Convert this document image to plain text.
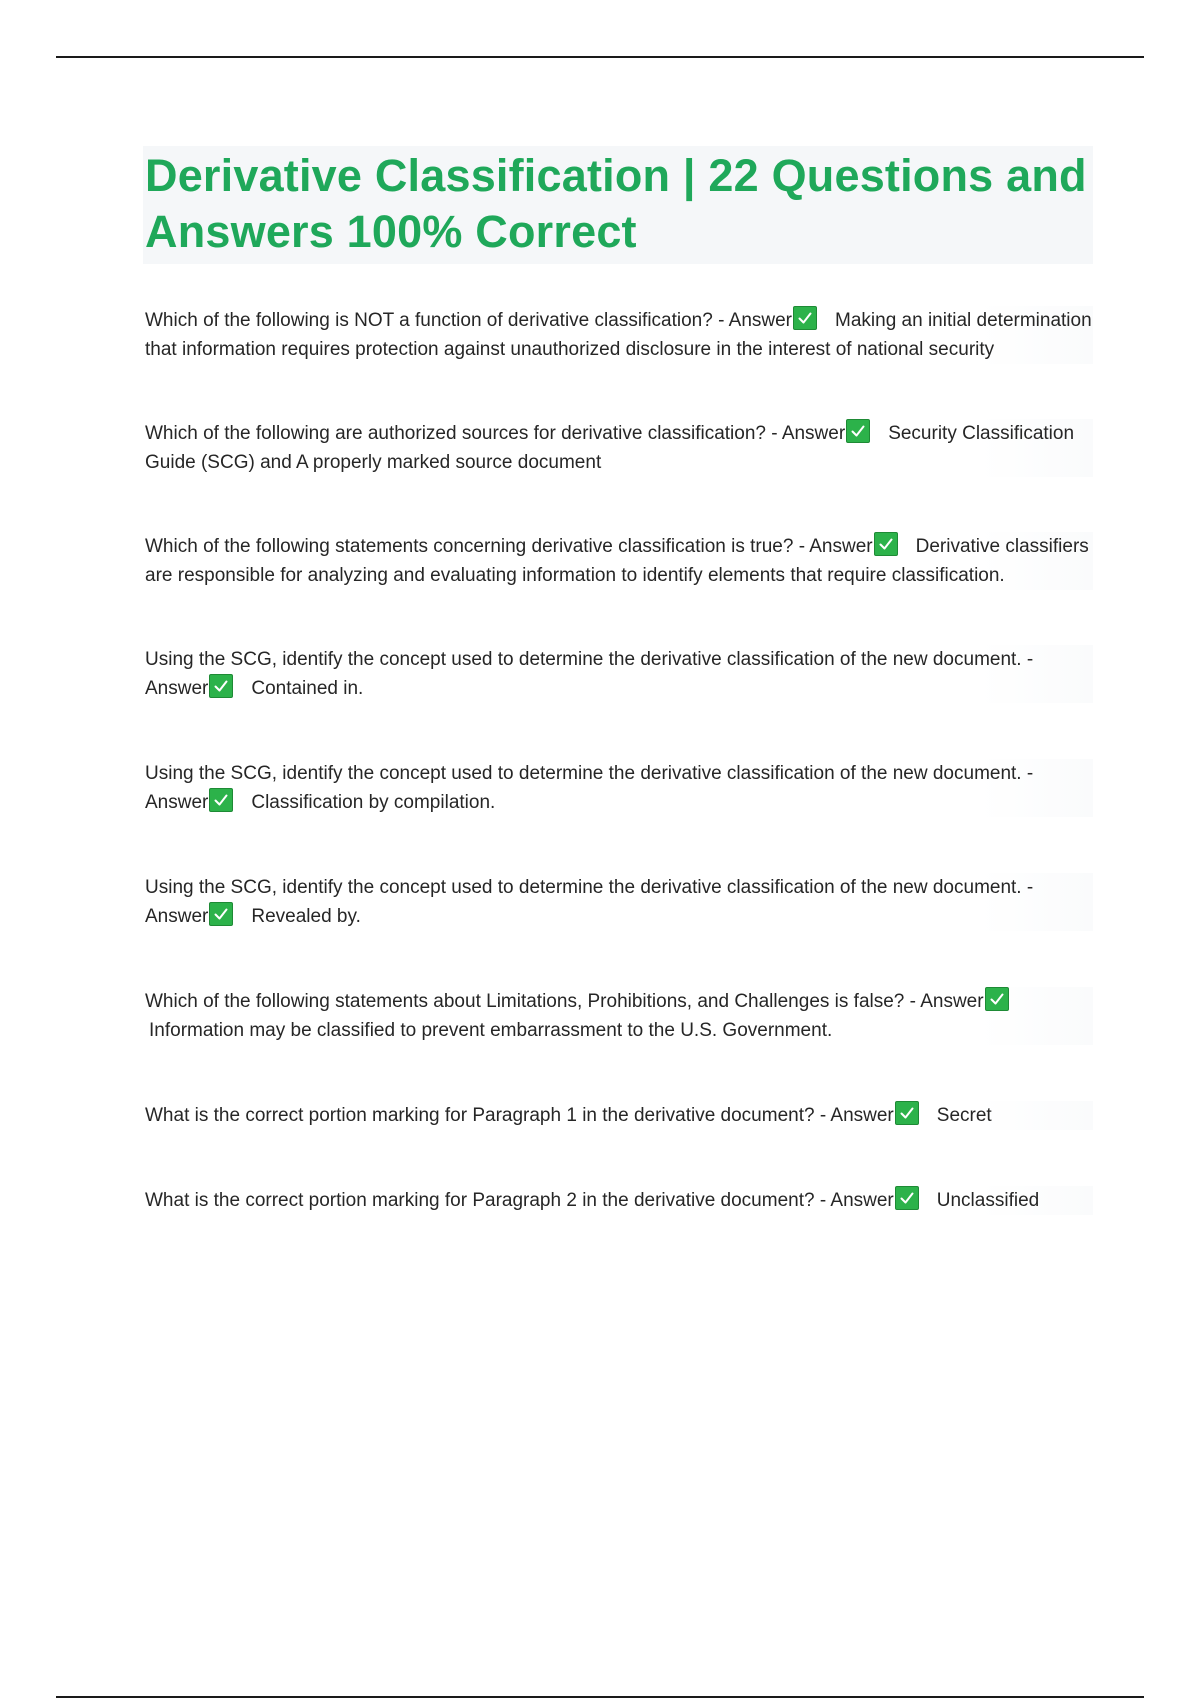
Derivative Classification | 22 Questions and Answers 100% Correct
Which of the following is NOT a function of derivative classification? - Answer Making an initial determination that information requires protection against unauthorized disclosure in the interest of national security
Which of the following are authorized sources for derivative classification? - Answer Security Classification Guide (SCG) and A properly marked source document
Which of the following statements concerning derivative classification is true? - Answer Derivative classifiers are responsible for analyzing and evaluating information to identify elements that require classification.
Using the SCG, identify the concept used to determine the derivative classification of the new document. - Answer Contained in.
Using the SCG, identify the concept used to determine the derivative classification of the new document. - Answer Classification by compilation.
Using the SCG, identify the concept used to determine the derivative classification of the new document. - Answer Revealed by.
Which of the following statements about Limitations, Prohibitions, and Challenges is false? - Answer
Information may be classified to prevent embarrassment to the U.S. Government.
What is the correct portion marking for Paragraph 1 in the derivative document? - Answer Secret
What is the correct portion marking for Paragraph 2 in the derivative document? - Answer Unclassified
